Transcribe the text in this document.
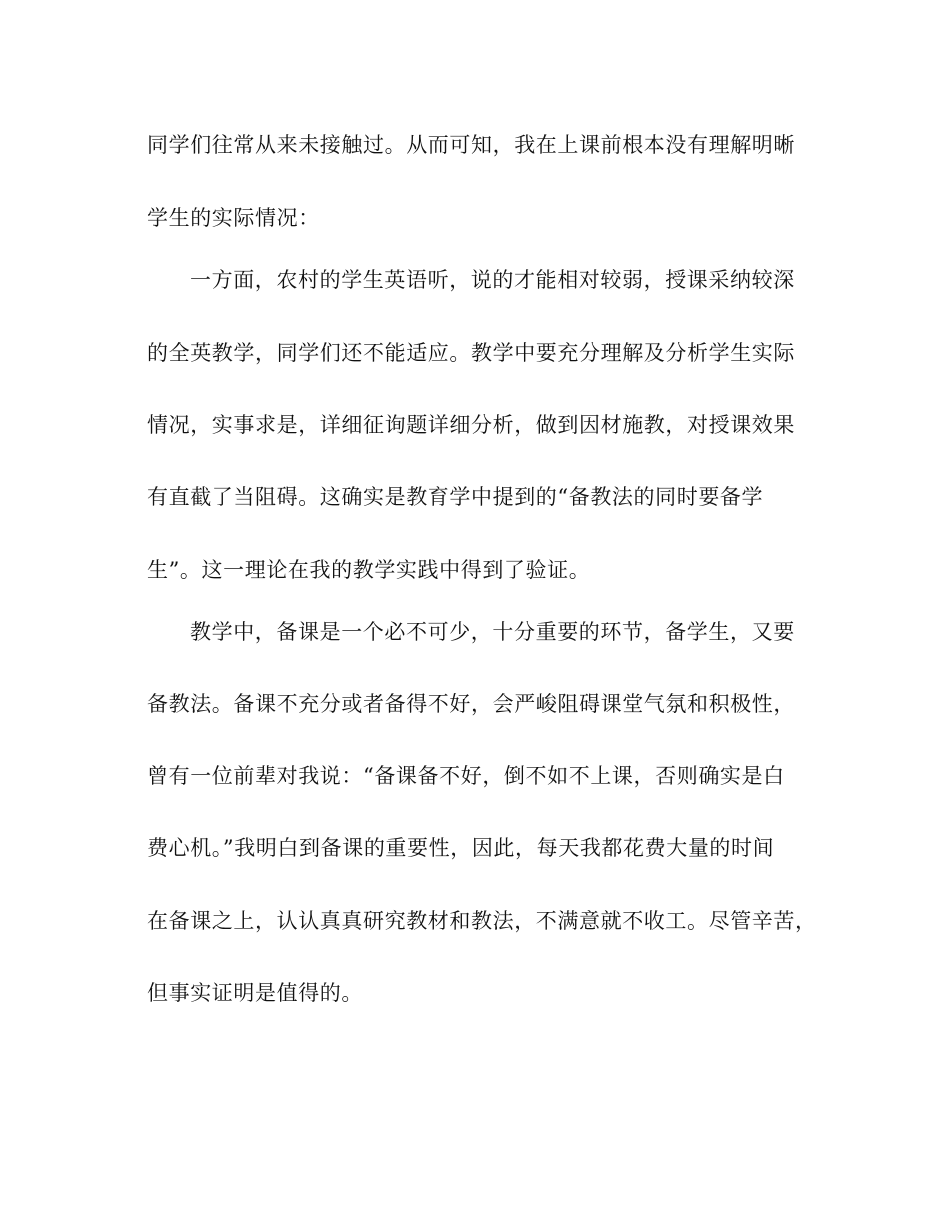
同学们往常从来未接触过。从而可知，我在上课前根本没有理解明晰
学生的实际情况：
一方面，农村的学生英语听，说的才能相对较弱，授课采纳较深
的全英教学，同学们还不能适应。教学中要充分理解及分析学生实际
情况，实事求是，详细征询题详细分析，做到因材施教，对授课效果
有直截了当阻碍。这确实是教育学中提到的“备教法的同时要备学
生”。这一理论在我的教学实践中得到了验证。
教学中，备课是一个必不可少，十分重要的环节，备学生，又要
备教法。备课不充分或者备得不好，会严峻阻碍课堂气氛和积极性，
曾有一位前辈对我说：“备课备不好，倒不如不上课，否则确实是白
费心机。”我明白到备课的重要性，因此，每天我都花费大量的时间
在备课之上，认认真真研究教材和教法，不满意就不收工。尽管辛苦，
但事实证明是值得的。
